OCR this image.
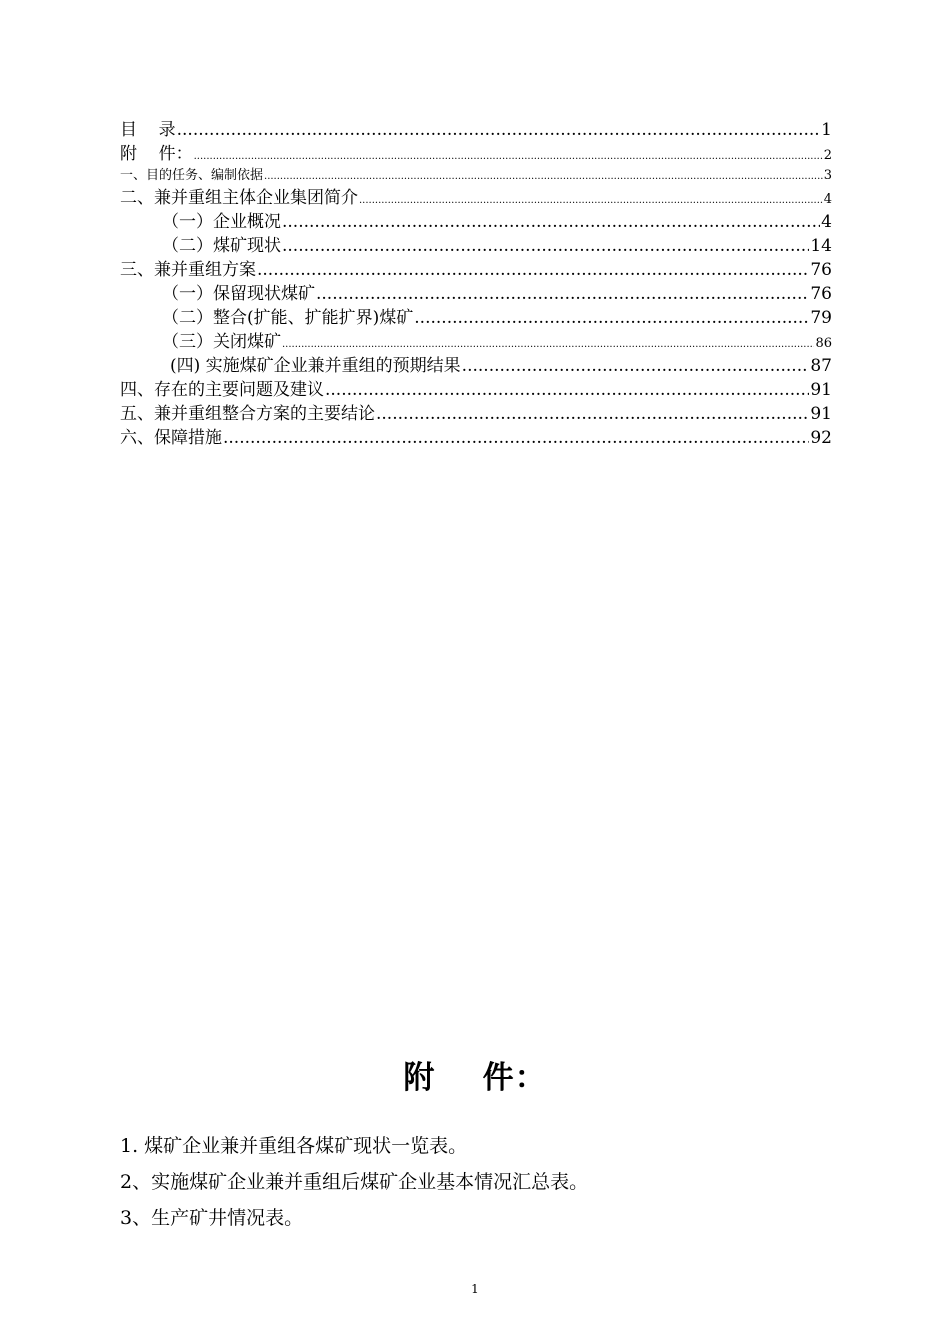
目    录 .....	1
附    件： .....	2
一、目的任务、编制依据 .....	3
二、兼并重组主体企业集团简介 .....	4
（一）企业概况 .....	4
（二）煤矿现状 .....	14
三、兼并重组方案 .....	76
（一）保留现状煤矿 .....	76
（二）整合(扩能、扩能扩界)煤矿 .....	79
（三）关闭煤矿 .....	86
(四) 实施煤矿企业兼并重组的预期结果 .....	87
四、存在的主要问题及建议 .....	91
五、兼并重组整合方案的主要结论 .....	91
六、保障措施 .....	92
附    件：
1. 煤矿企业兼并重组各煤矿现状一览表。
2、实施煤矿企业兼并重组后煤矿企业基本情况汇总表。
3、生产矿井情况表。
1
